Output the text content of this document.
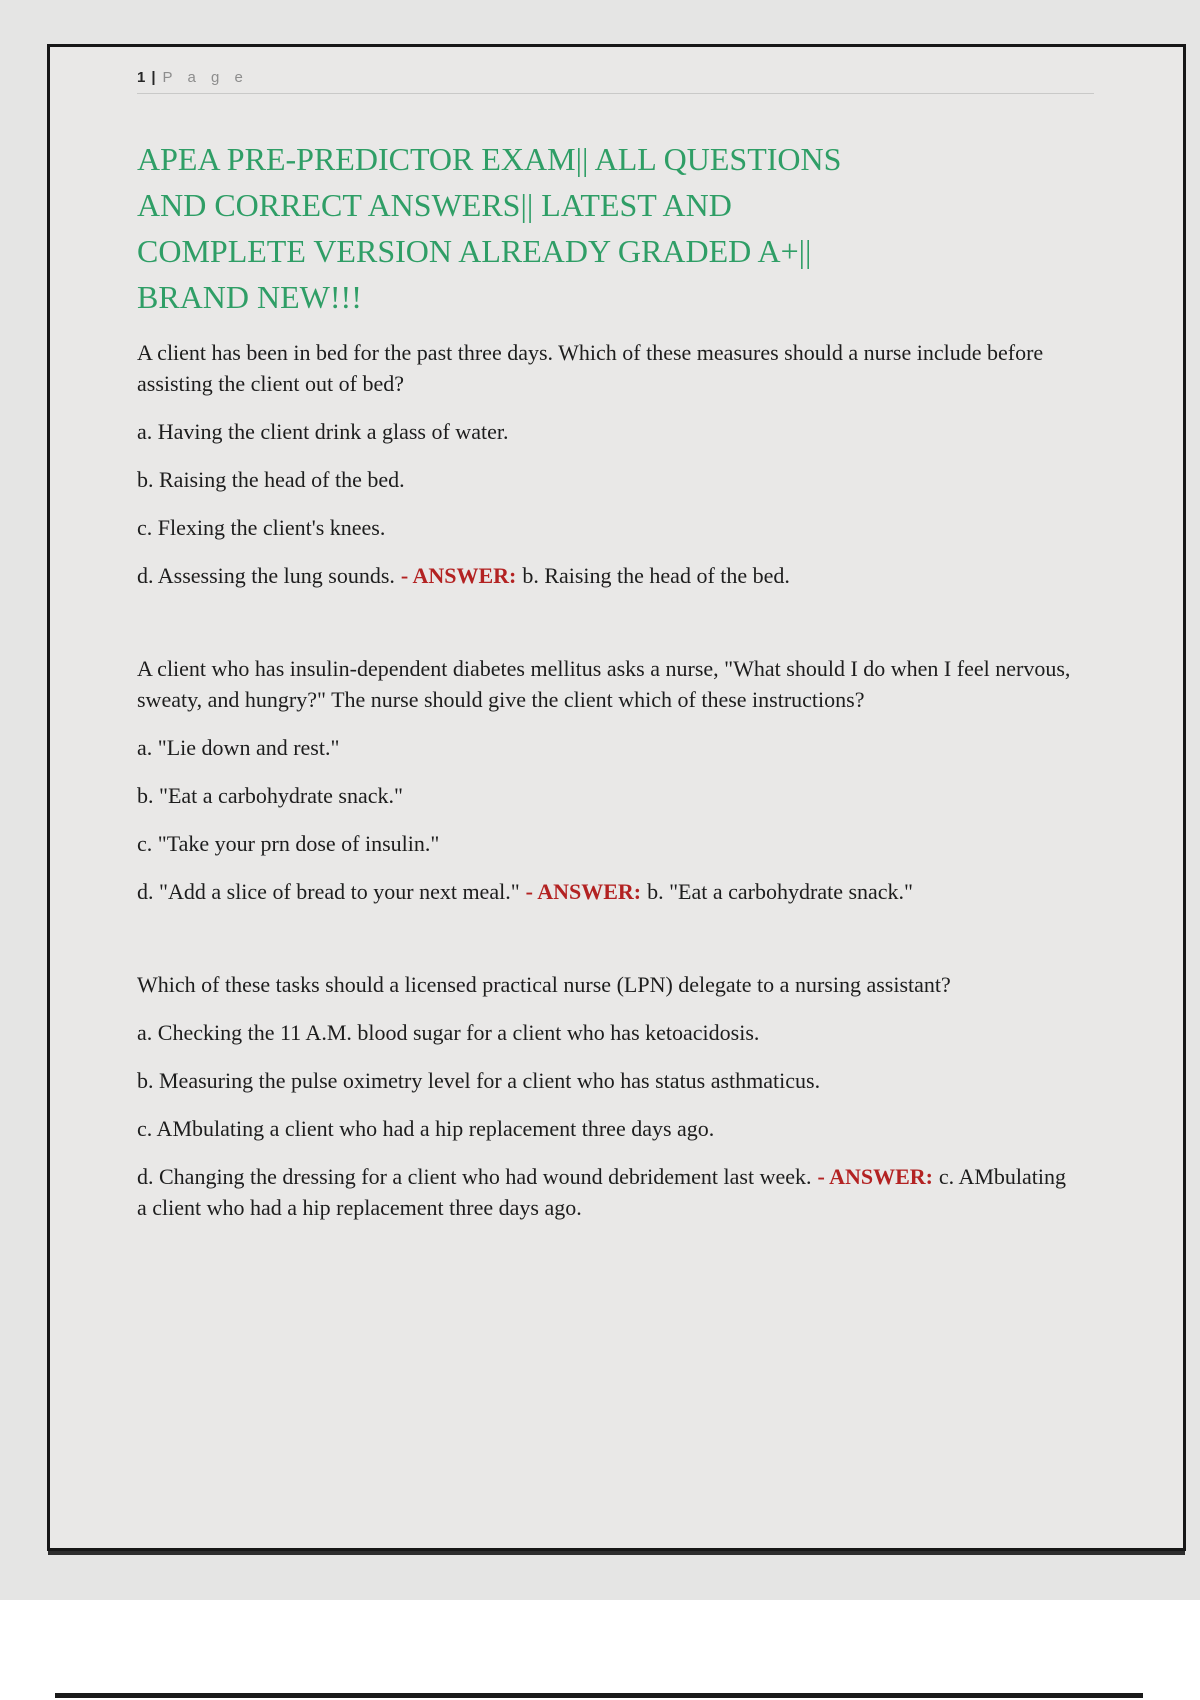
1 | P a g e
APEA PRE-PREDICTOR EXAM|| ALL QUESTIONS
AND CORRECT ANSWERS|| LATEST AND
COMPLETE VERSION ALREADY GRADED A+||
BRAND NEW!!!

A client has been in bed for the past three days. Which of these measures should a nurse include before assisting the client out of bed?

a. Having the client drink a glass of water.

b. Raising the head of the bed.

c. Flexing the client's knees.

d. Assessing the lung sounds. - ANSWER: b. Raising the head of the bed.

A client who has insulin-dependent diabetes mellitus asks a nurse, "What should I do when I feel nervous, sweaty, and hungry?" The nurse should give the client which of these instructions?

a. "Lie down and rest."

b. "Eat a carbohydrate snack."

c. "Take your prn dose of insulin."

d. "Add a slice of bread to your next meal." - ANSWER: b. "Eat a carbohydrate snack."

Which of these tasks should a licensed practical nurse (LPN) delegate to a nursing assistant?

a. Checking the 11 A.M. blood sugar for a client who has ketoacidosis.

b. Measuring the pulse oximetry level for a client who has status asthmaticus.

c. AMbulating a client who had a hip replacement three days ago.

d. Changing the dressing for a client who had wound debridement last week. - ANSWER: c. AMbulating a client who had a hip replacement three days ago.
